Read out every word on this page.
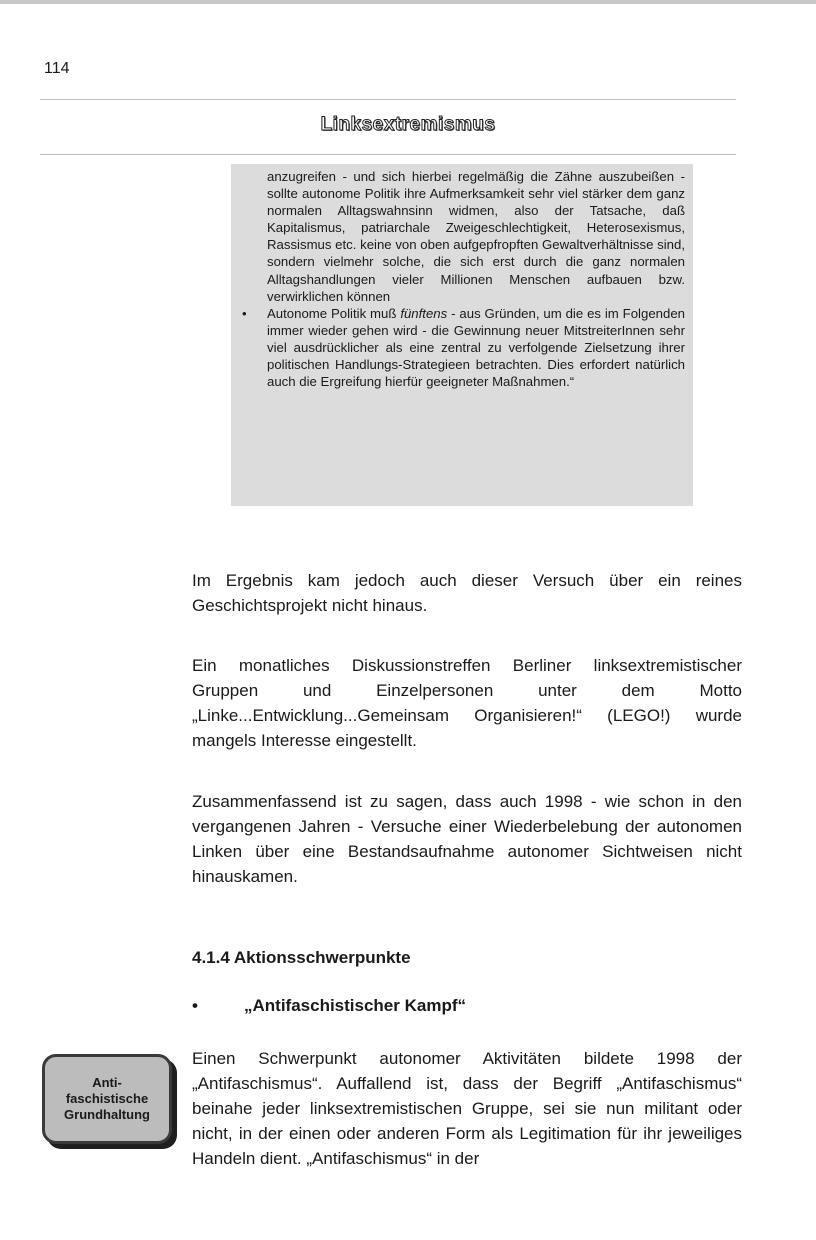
114
Linksextremismus

anzugreifen - und sich hierbei regelmäßig die Zähne auszubeißen - sollte autonome Politik ihre Aufmerksamkeit sehr viel stärker dem ganz normalen Alltagswahnsinn widmen, also der Tatsache, daß Kapitalismus, patriarchale Zweigeschlechtigkeit, Heterosexismus, Rassismus etc. keine von oben aufgepfropften Gewaltverhältnisse sind, sondern vielmehr solche, die sich erst durch die ganz normalen Alltagshandlungen vieler Millionen Menschen aufbauen bzw. verwirklichen können

• Autonome Politik muß fünftens - aus Gründen, um die es im Folgenden immer wieder gehen wird - die Gewinnung neuer MitstreiterInnen sehr viel ausdrücklicher als eine zentral zu verfolgende Zielsetzung ihrer politischen Handlungs-Strategieen betrachten. Dies erfordert natürlich auch die Ergreifung hierfür geeigneter Maßnahmen.“

Im Ergebnis kam jedoch auch dieser Versuch über ein reines Geschichtsprojekt nicht hinaus.

Ein monatliches Diskussionstreffen Berliner linksextremistischer Gruppen und Einzelpersonen unter dem Motto „Linke...Entwicklung...Gemeinsam Organisieren!“ (LEGO!) wurde mangels Interesse eingestellt.

Zusammenfassend ist zu sagen, dass auch 1998 - wie schon in den vergangenen Jahren - Versuche einer Wiederbelebung der autonomen Linken über eine Bestandsaufnahme autonomer Sichtweisen nicht hinauskamen.

4.1.4 Aktionsschwerpunkte
•	„Antifaschistischer Kampf“
Anti-
faschistische
Grundhaltung

Einen Schwerpunkt autonomer Aktivitäten bildete 1998 der „Antifaschismus“. Auffallend ist, dass der Begriff „Antifaschismus“ beinahe jeder linksextremistischen Gruppe, sei sie nun militant oder nicht, in der einen oder anderen Form als Legitimation für ihr jeweiliges Handeln dient. „Antifaschismus“ in der
